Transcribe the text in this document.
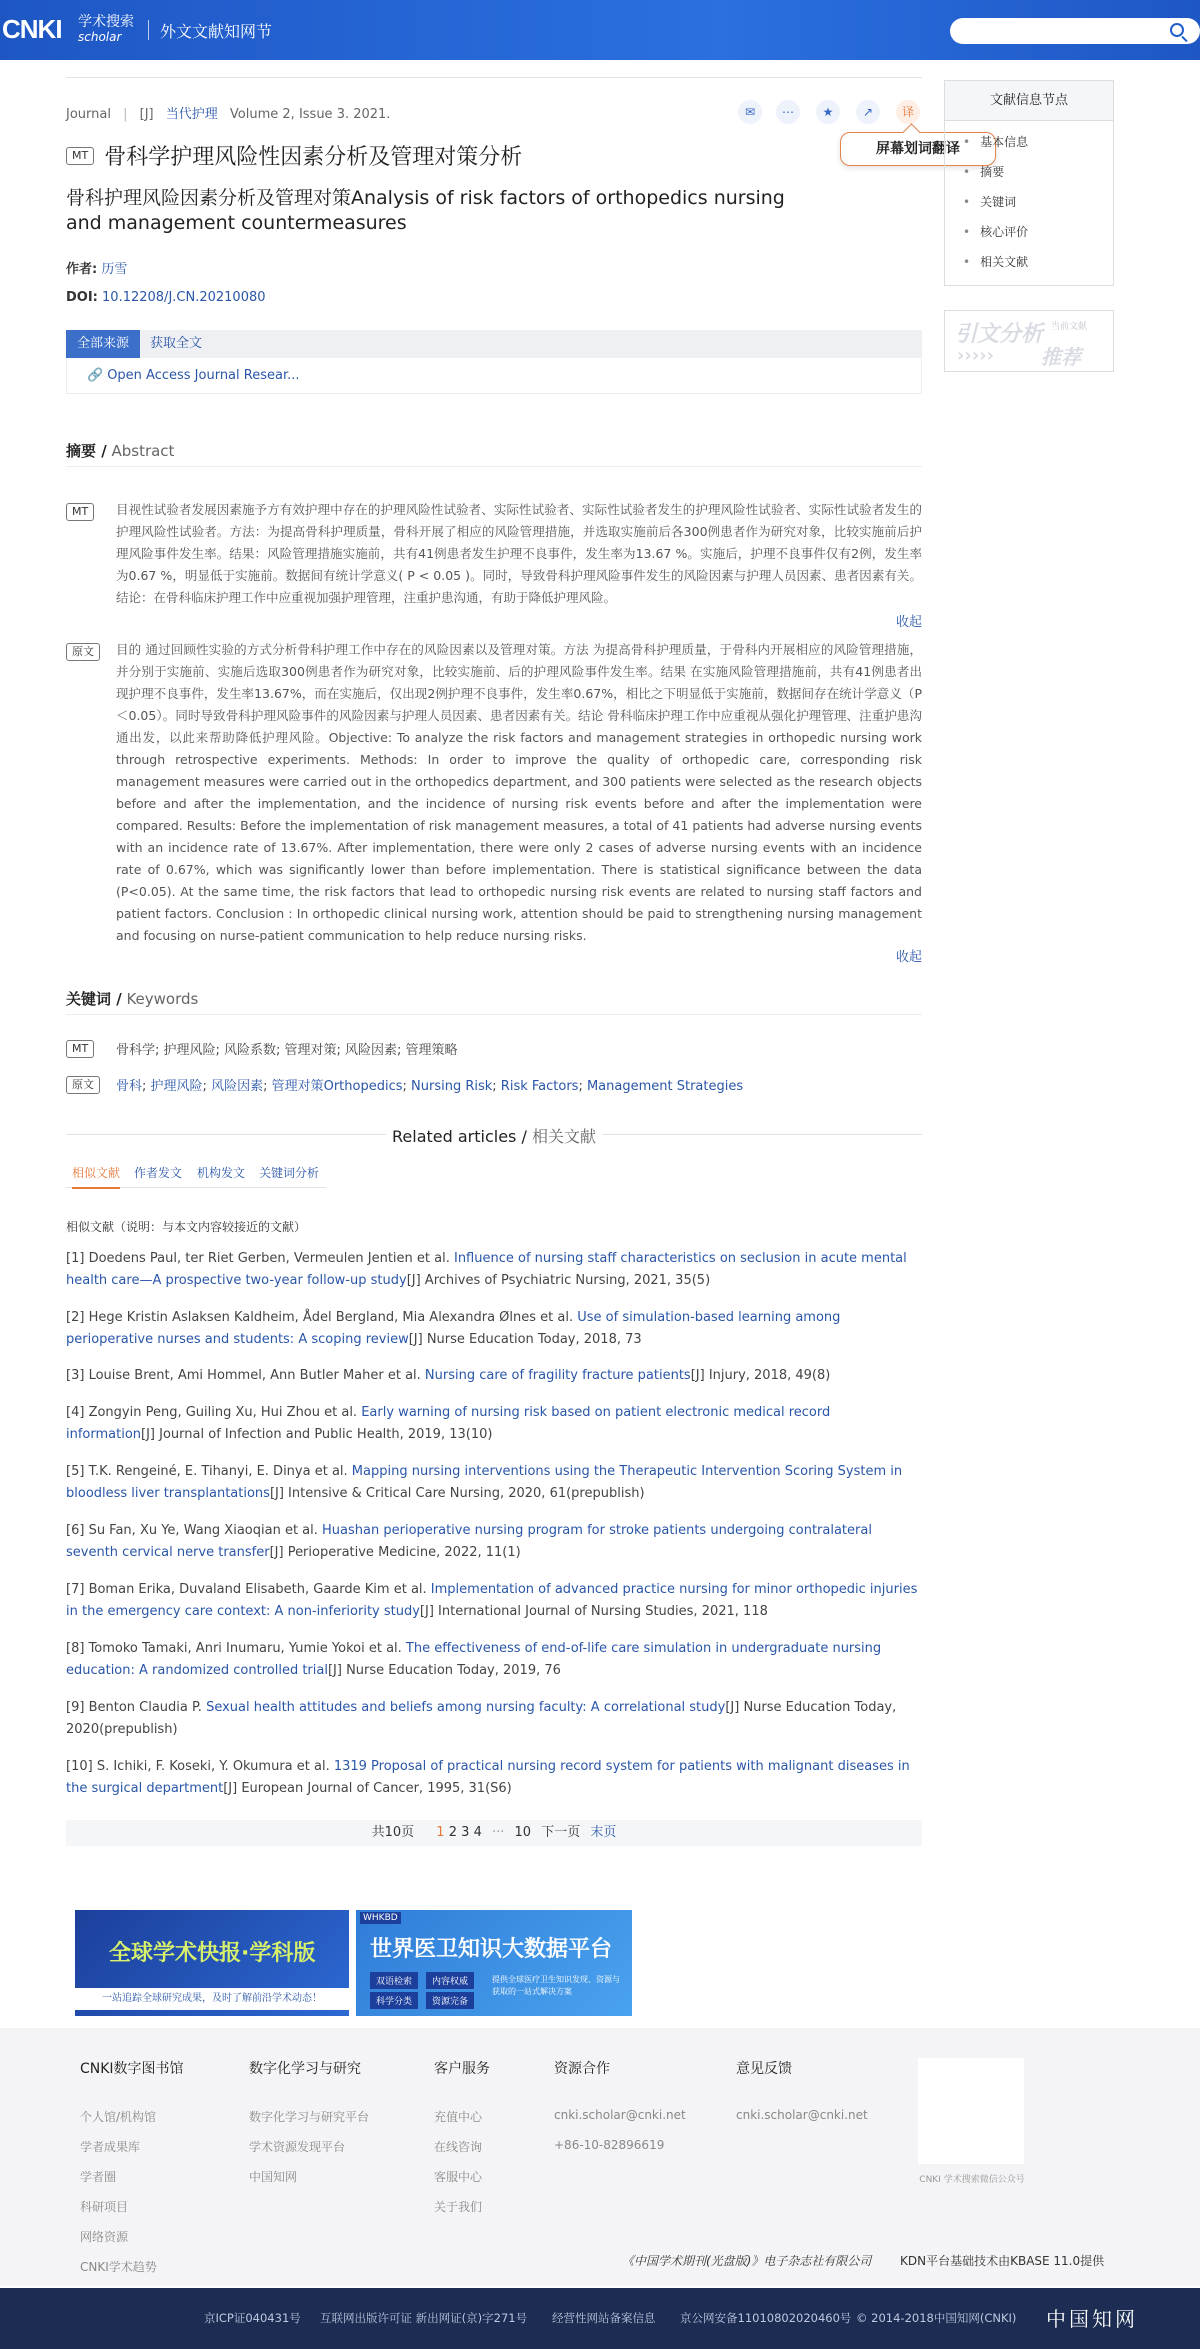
CNKI 学术搜索
scholar 外文文献知网节
Journal | [J] 当代护理 Volume 2, Issue 3. 2021.	✉	⋯	★	↗	译
屏幕划词翻译
MT 骨科学护理风险性因素分析及管理对策分析
骨科护理风险因素分析及管理对策Analysis of risk factors of orthopedics nursing and management countermeasures
作者: 历雪
DOI: 10.12208/J.CN.20210080
全部来源	获取全文
🔗 Open Access Journal Resear...
摘要 / Abstract
MT	目视性试验者发展因素施予方有效护理中存在的护理风险性试验者、实际性试验者、实际性试验者发生的护理风险性试验者、实际性试验者发生的护理风险性试验者。方法：为提高骨科护理质量，骨科开展了相应的风险管理措施，并选取实施前后各300例患者作为研究对象，比较实施前后护理风险事件发生率。结果：风险管理措施实施前，共有41例患者发生护理不良事件，发生率为13.67 %。实施后，护理不良事件仅有2例，发生率为0.67 %，明显低于实施前。数据间有统计学意义( P < 0.05 )。同时，导致骨科护理风险事件发生的风险因素与护理人员因素、患者因素有关。结论：在骨科临床护理工作中应重视加强护理管理，注重护患沟通，有助于降低护理风险。
收起
原文	目的 通过回顾性实验的方式分析骨科护理工作中存在的风险因素以及管理对策。方法 为提高骨科护理质量，于骨科内开展相应的风险管理措施，并分别于实施前、实施后选取300例患者作为研究对象，比较实施前、后的护理风险事件发生率。结果 在实施风险管理措施前，共有41例患者出现护理不良事件，发生率13.67%，而在实施后，仅出现2例护理不良事件，发生率0.67%，相比之下明显低于实施前，数据间存在统计学意义（P＜0.05）。同时导致骨科护理风险事件的风险因素与护理人员因素、患者因素有关。结论 骨科临床护理工作中应重视从强化护理管理、注重护患沟通出发，以此来帮助降低护理风险。Objective: To analyze the risk factors and management strategies in orthopedic nursing work through retrospective experiments. Methods: In order to improve the quality of orthopedic care, corresponding risk management measures were carried out in the orthopedics department, and 300 patients were selected as the research objects before and after the implementation, and the incidence of nursing risk events before and after the implementation were compared. Results: Before the implementation of risk management measures, a total of 41 patients had adverse nursing events with an incidence rate of 13.67%. After implementation, there were only 2 cases of adverse nursing events with an incidence rate of 0.67%, which was significantly lower than before implementation. There is statistical significance between the data (P<0.05). At the same time, the risk factors that lead to orthopedic nursing risk events are related to nursing staff factors and patient factors. Conclusion : In orthopedic clinical nursing work, attention should be paid to strengthening nursing management and focusing on nurse-patient communication to help reduce nursing risks.
收起
关键词 / Keywords
MT	骨科学; 护理风险; 风险系数; 管理对策; 风险因素; 管理策略
原文	骨科; 护理风险; 风险因素; 管理对策Orthopedics; Nursing Risk; Risk Factors; Management Strategies
Related articles / 相关文献
相似文献 作者发文 机构发文 关键词分析
相似文献（说明：与本文内容较接近的文献）
[1] Doedens Paul, ter Riet Gerben, Vermeulen Jentien et al. Influence of nursing staff characteristics on seclusion in acute mental health care—A prospective two-year follow-up study[J] Archives of Psychiatric Nursing, 2021, 35(5)
[2] Hege Kristin Aslaksen Kaldheim, Ådel Bergland, Mia Alexandra Ølnes et al. Use of simulation-based learning among perioperative nurses and students: A scoping review[J] Nurse Education Today, 2018, 73
[3] Louise Brent, Ami Hommel, Ann Butler Maher et al. Nursing care of fragility fracture patients[J] Injury, 2018, 49(8)
[4] Zongyin Peng, Guiling Xu, Hui Zhou et al. Early warning of nursing risk based on patient electronic medical record information[J] Journal of Infection and Public Health, 2019, 13(10)
[5] T.K. Rengeiné, E. Tihanyi, E. Dinya et al. Mapping nursing interventions using the Therapeutic Intervention Scoring System in bloodless liver transplantations[J] Intensive & Critical Care Nursing, 2020, 61(prepublish)
[6] Su Fan, Xu Ye, Wang Xiaoqian et al. Huashan perioperative nursing program for stroke patients undergoing contralateral seventh cervical nerve transfer[J] Perioperative Medicine, 2022, 11(1)
[7] Boman Erika, Duvaland Elisabeth, Gaarde Kim et al. Implementation of advanced practice nursing for minor orthopedic injuries in the emergency care context: A non-inferiority study[J] International Journal of Nursing Studies, 2021, 118
[8] Tomoko Tamaki, Anri Inumaru, Yumie Yokoi et al. The effectiveness of end-of-life care simulation in undergraduate nursing education: A randomized controlled trial[J] Nurse Education Today, 2019, 76
[9] Benton Claudia P. Sexual health attitudes and beliefs among nursing faculty: A correlational study[J] Nurse Education Today, 2020(prepublish)
[10] S. Ichiki, F. Koseki, Y. Okumura et al. 1319 Proposal of practical nursing record system for patients with malignant diseases in the surgical department[J] European Journal of Cancer, 1995, 31(S6)
共10页 1 2 3 4 ··· 10 下一页 末页
全球学术快报·学科版
一站追踪全球研究成果，及时了解前沿学术动态！
WHKBD
世界医卫知识大数据平台
双语检索	内容权威
科学分类	资源完备
提供全球医疗卫生知识发现、资源与获取的一站式解决方案
文献信息节点
• 基本信息
• 摘要
• 关键词
• 核心评价
• 相关文献
引文分析 当前文献
推荐
›››››
CNKI数字图书馆
个人馆/机构馆
学者成果库
学者圈
科研项目
网络资源
CNKI学术趋势
数字化学习与研究
数字化学习与研究平台
学术资源发现平台
中国知网
客户服务
充值中心
在线咨询
客服中心
关于我们
资源合作
cnki.scholar@cnki.net
+86-10-82896619
意见反馈
cnki.scholar@cnki.net
CNKI 学术搜索微信公众号
《中国学术期刊(光盘版)》电子杂志社有限公司 KDN平台基础技术由KBASE 11.0提供
京ICP证040431号 互联网出版许可证 新出网证(京)字271号 经营性网站备案信息 京公网安备11010802020460号 © 2014-2018中国知网(CNKI) 中国知网
